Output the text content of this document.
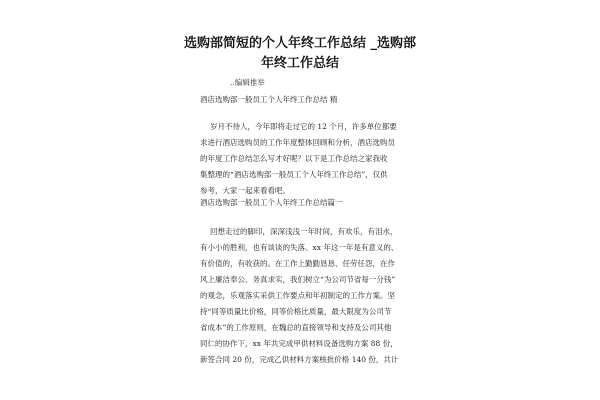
选购部简短的个人年终工作总结 _选购部
年终工作总结
..编辑推举
酒店选购部一般员工个人年终工作总结 精
岁月不待人，今年即将走过它的 12 个月，许多单位都要
求进行酒店选购员的工作年度整体回顾和分析，酒店选购员
的年度工作总结怎么写才好呢？以下是工作总结之家我收
集整理的“酒店选购部一般员工个人年终工作总结”，仅供
参考，大家一起来看看吧。
酒店选购部一般员工个人年终工作总结篇一
回想走过的脚印，深深浅浅一年时间，有欢乐，有泪水，
有小小的胜利，也有谈谈的失落。xx 年这一年是有意义的、
有价值的，有收获的。在工作上勤勤恳恳、任劳任怨，在作
风上廉洁奉公、务真求实，我们树立“为公司节省每一分钱”
的观念，乐观落实采供工作要点和年初制定的工作方案。坚
持“同等质量比价格，同等价格比质量，最大限度为公司节
省成本”的工作原则，在魏总的直接领导和支持及公司其他
同仁的协作下，xx 年共完成甲供材料设备选购方案 88 份，
新签合同 20 份，完成乙供材料方案核批价格 140 份，共计
